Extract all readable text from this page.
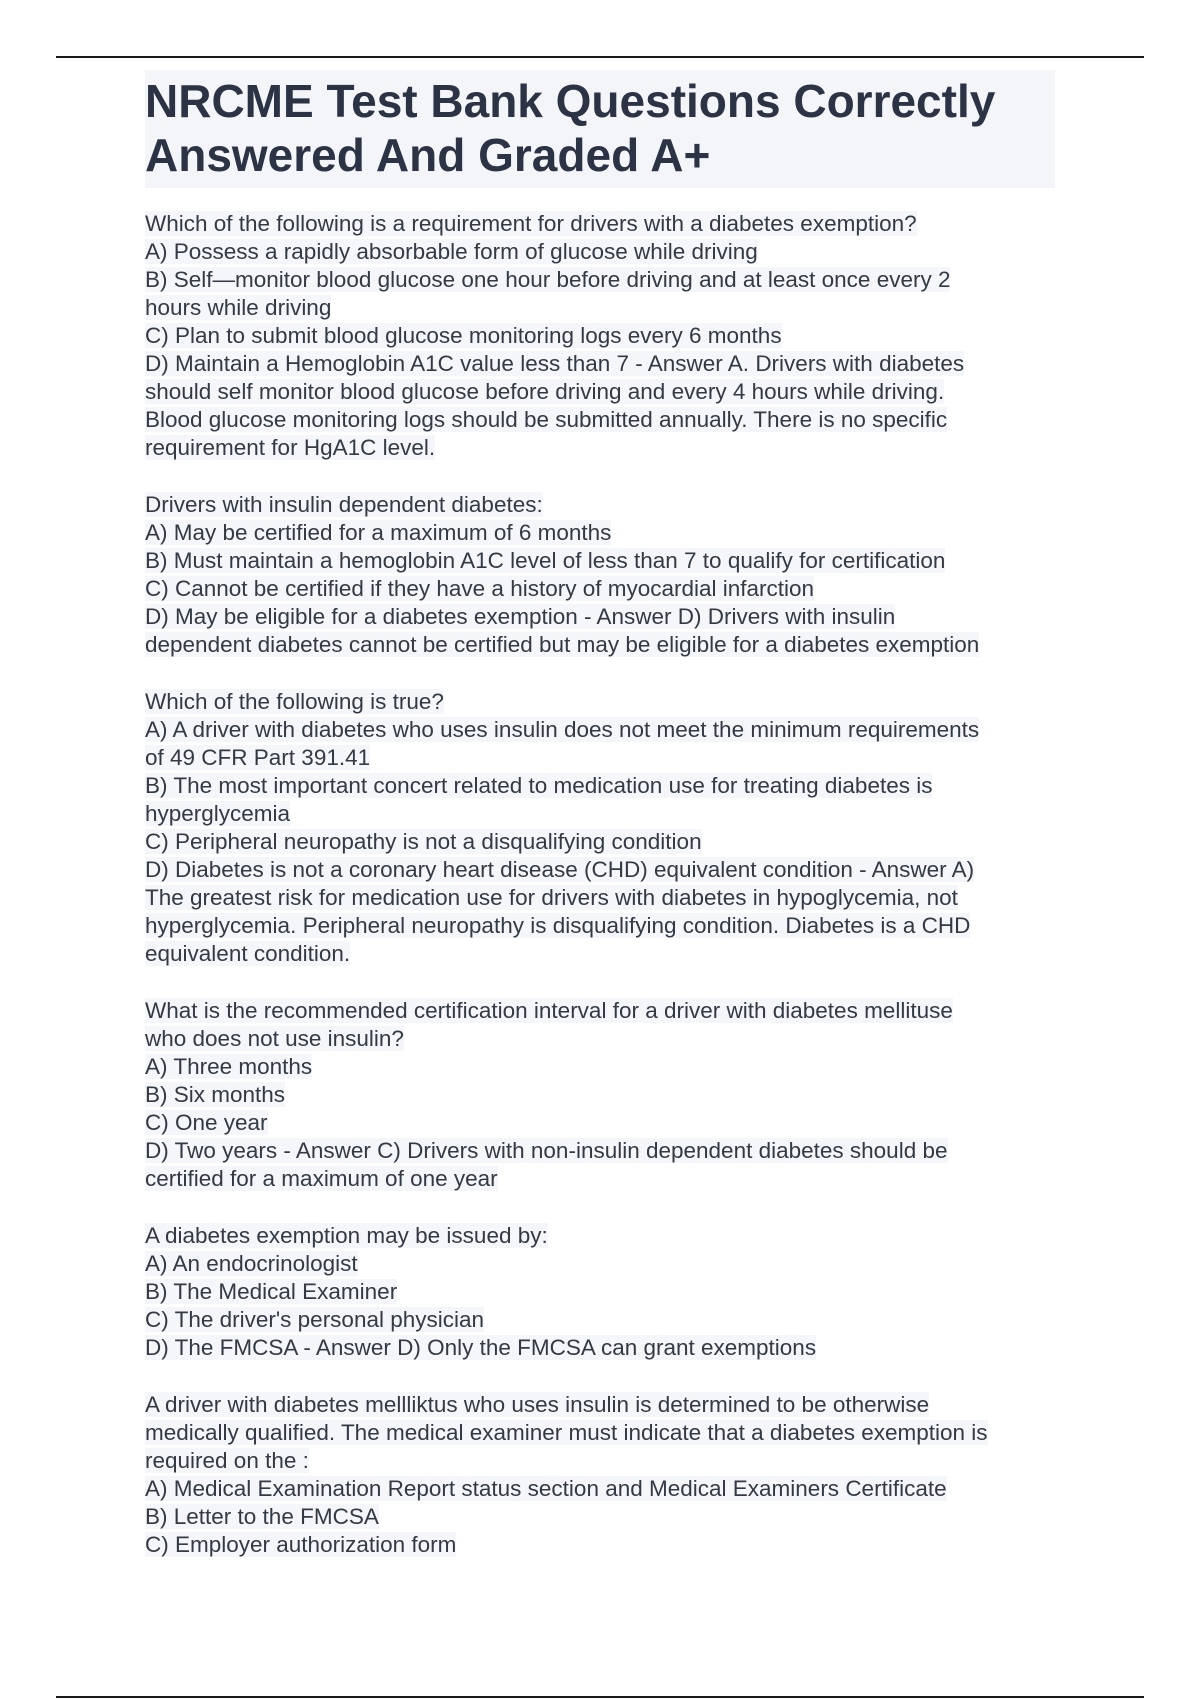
NRCME Test Bank Questions Correctly
Answered And Graded A+
Which of the following is a requirement for drivers with a diabetes exemption?
A) Possess a rapidly absorbable form of glucose while driving
B) Self—monitor blood glucose one hour before driving and at least once every 2
hours while driving
C) Plan to submit blood glucose monitoring logs every 6 months
D) Maintain a Hemoglobin A1C value less than 7 - Answer A. Drivers with diabetes
should self monitor blood glucose before driving and every 4 hours while driving.
Blood glucose monitoring logs should be submitted annually. There is no specific
requirement for HgA1C level.
Drivers with insulin dependent diabetes:
A) May be certified for a maximum of 6 months
B) Must maintain a hemoglobin A1C level of less than 7 to qualify for certification
C) Cannot be certified if they have a history of myocardial infarction
D) May be eligible for a diabetes exemption - Answer D) Drivers with insulin
dependent diabetes cannot be certified but may be eligible for a diabetes exemption
Which of the following is true?
A) A driver with diabetes who uses insulin does not meet the minimum requirements
of 49 CFR Part 391.41
B) The most important concert related to medication use for treating diabetes is
hyperglycemia
C) Peripheral neuropathy is not a disqualifying condition
D) Diabetes is not a coronary heart disease (CHD) equivalent condition - Answer A)
The greatest risk for medication use for drivers with diabetes in hypoglycemia, not
hyperglycemia. Peripheral neuropathy is disqualifying condition. Diabetes is a CHD
equivalent condition.
What is the recommended certification interval for a driver with diabetes mellituse
who does not use insulin?
A) Three months
B) Six months
C) One year
D) Two years - Answer C) Drivers with non-insulin dependent diabetes should be
certified for a maximum of one year
A diabetes exemption may be issued by:
A) An endocrinologist
B) The Medical Examiner
C) The driver's personal physician
D) The FMCSA - Answer D) Only the FMCSA can grant exemptions
A driver with diabetes mellliktus who uses insulin is determined to be otherwise
medically qualified. The medical examiner must indicate that a diabetes exemption is
required on the :
A) Medical Examination Report status section and Medical Examiners Certificate
B) Letter to the FMCSA
C) Employer authorization form
